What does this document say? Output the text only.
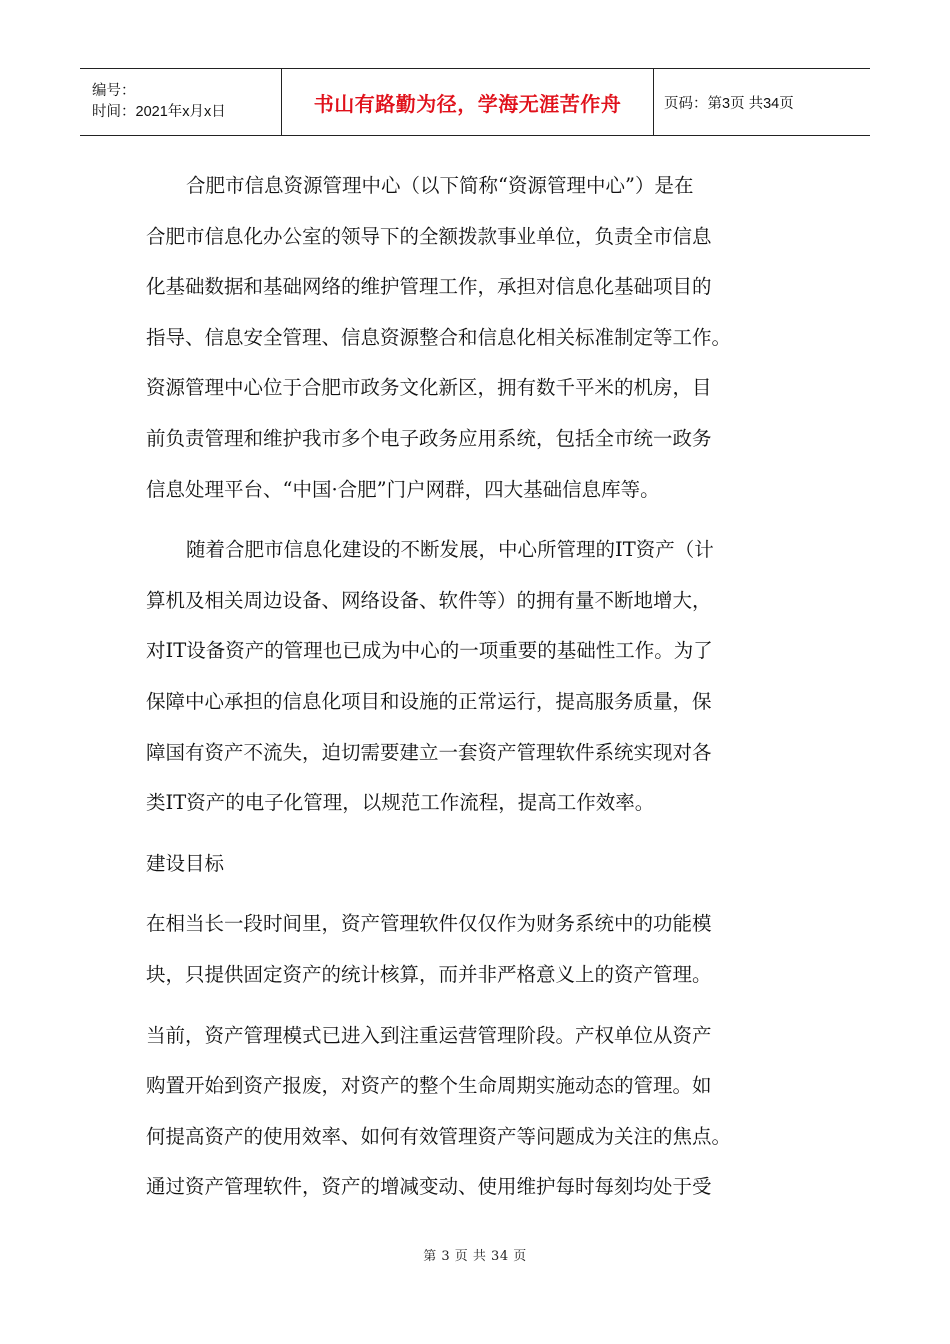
编号：
时间：2021年x月x日	书山有路勤为径，学海无涯苦作舟	页码：第3页 共34页

合肥市信息资源管理中心（以下简称“资源管理中心”）是在
合肥市信息化办公室的领导下的全额拨款事业单位，负责全市信息
化基础数据和基础网络的维护管理工作，承担对信息化基础项目的
指导、信息安全管理、信息资源整合和信息化相关标准制定等工作。
资源管理中心位于合肥市政务文化新区，拥有数千平米的机房，目
前负责管理和维护我市多个电子政务应用系统，包括全市统一政务
信息处理平台、“中国·合肥”门户网群，四大基础信息库等。

随着合肥市信息化建设的不断发展，中心所管理的IT资产（计
算机及相关周边设备、网络设备、软件等）的拥有量不断地增大，
对IT设备资产的管理也已成为中心的一项重要的基础性工作。为了
保障中心承担的信息化项目和设施的正常运行，提高服务质量，保
障国有资产不流失，迫切需要建立一套资产管理软件系统实现对各
类IT资产的电子化管理，以规范工作流程，提高工作效率。

建设目标

在相当长一段时间里，资产管理软件仅仅作为财务系统中的功能模
块，只提供固定资产的统计核算，而并非严格意义上的资产管理。

当前，资产管理模式已进入到注重运营管理阶段。产权单位从资产
购置开始到资产报废，对资产的整个生命周期实施动态的管理。如
何提高资产的使用效率、如何有效管理资产等问题成为关注的焦点。
通过资产管理软件，资产的增减变动、使用维护每时每刻均处于受

第 3 页 共 34 页
